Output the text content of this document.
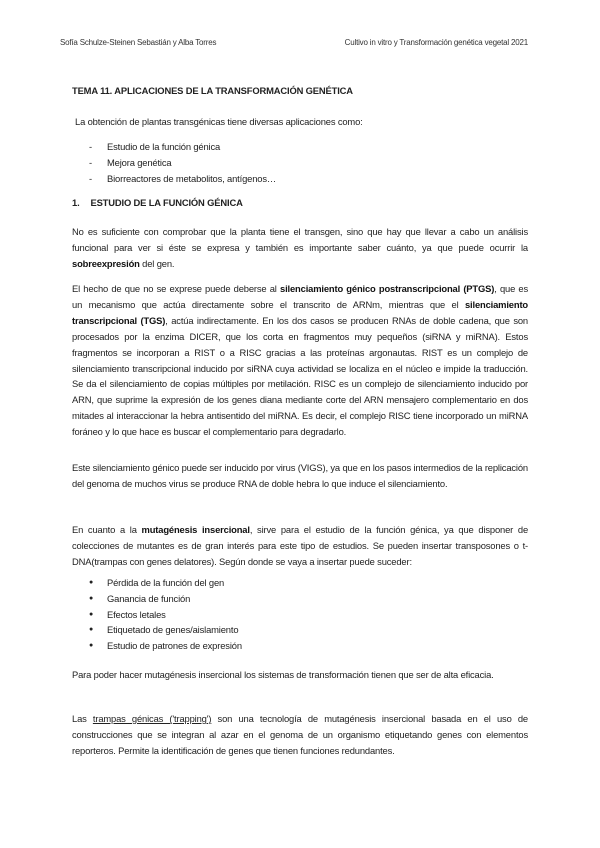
Sofía Schulze-Steinen Sebastián y Alba Torres	Cultivo in vitro y Transformación genética vegetal 2021
TEMA 11. APLICACIONES DE LA TRANSFORMACIÓN GENÉTICA
La obtención de plantas transgénicas tiene diversas aplicaciones como:
- Estudio de la función génica
- Mejora genética
- Biorreactores de metabolitos, antígenos…
1. ESTUDIO DE LA FUNCIÓN GÉNICA
No es suficiente con comprobar que la planta tiene el transgen, sino que hay que llevar a cabo un análisis funcional para ver si éste se expresa y también es importante saber cuánto, ya que puede ocurrir la sobreexpresión del gen.
El hecho de que no se exprese puede deberse al silenciamiento génico postranscripcional (PTGS), que es un mecanismo que actúa directamente sobre el transcrito de ARNm, mientras que el silenciamiento transcripcional (TGS), actúa indirectamente. En los dos casos se producen RNAs de doble cadena, que son procesados por la enzima DICER, que los corta en fragmentos muy pequeños (siRNA y miRNA). Estos fragmentos se incorporan a RIST o a RISC gracias a las proteínas argonautas. RIST es un complejo de silenciamiento transcripcional inducido por siRNA cuya actividad se localiza en el núcleo e impide la traducción. Se da el silenciamiento de copias múltiples por metilación. RISC es un complejo de silenciamiento inducido por ARN, que suprime la expresión de los genes diana mediante corte del ARN mensajero complementario en dos mitades al interaccionar la hebra antisentido del miRNA. Es decir, el complejo RISC tiene incorporado un miRNA foráneo y lo que hace es buscar el complementario para degradarlo.
Este silenciamiento génico puede ser inducido por virus (VIGS), ya que en los pasos intermedios de la replicación del genoma de muchos virus se produce RNA de doble hebra lo que induce el silenciamiento.
En cuanto a la mutagénesis insercional, sirve para el estudio de la función génica, ya que disponer de colecciones de mutantes es de gran interés para este tipo de estudios. Se pueden insertar transposones o t-DNA(trampas con genes delatores). Según donde se vaya a insertar puede suceder:
● Pérdida de la función del gen
● Ganancia de función
● Efectos letales
● Etiquetado de genes/aislamiento
● Estudio de patrones de expresión
Para poder hacer mutagénesis insercional los sistemas de transformación tienen que ser de alta eficacia.
Las trampas génicas ('trapping') son una tecnología de mutagénesis insercional basada en el uso de construcciones que se integran al azar en el genoma de un organismo etiquetando genes con elementos reporteros. Permite la identificación de genes que tienen funciones redundantes.
